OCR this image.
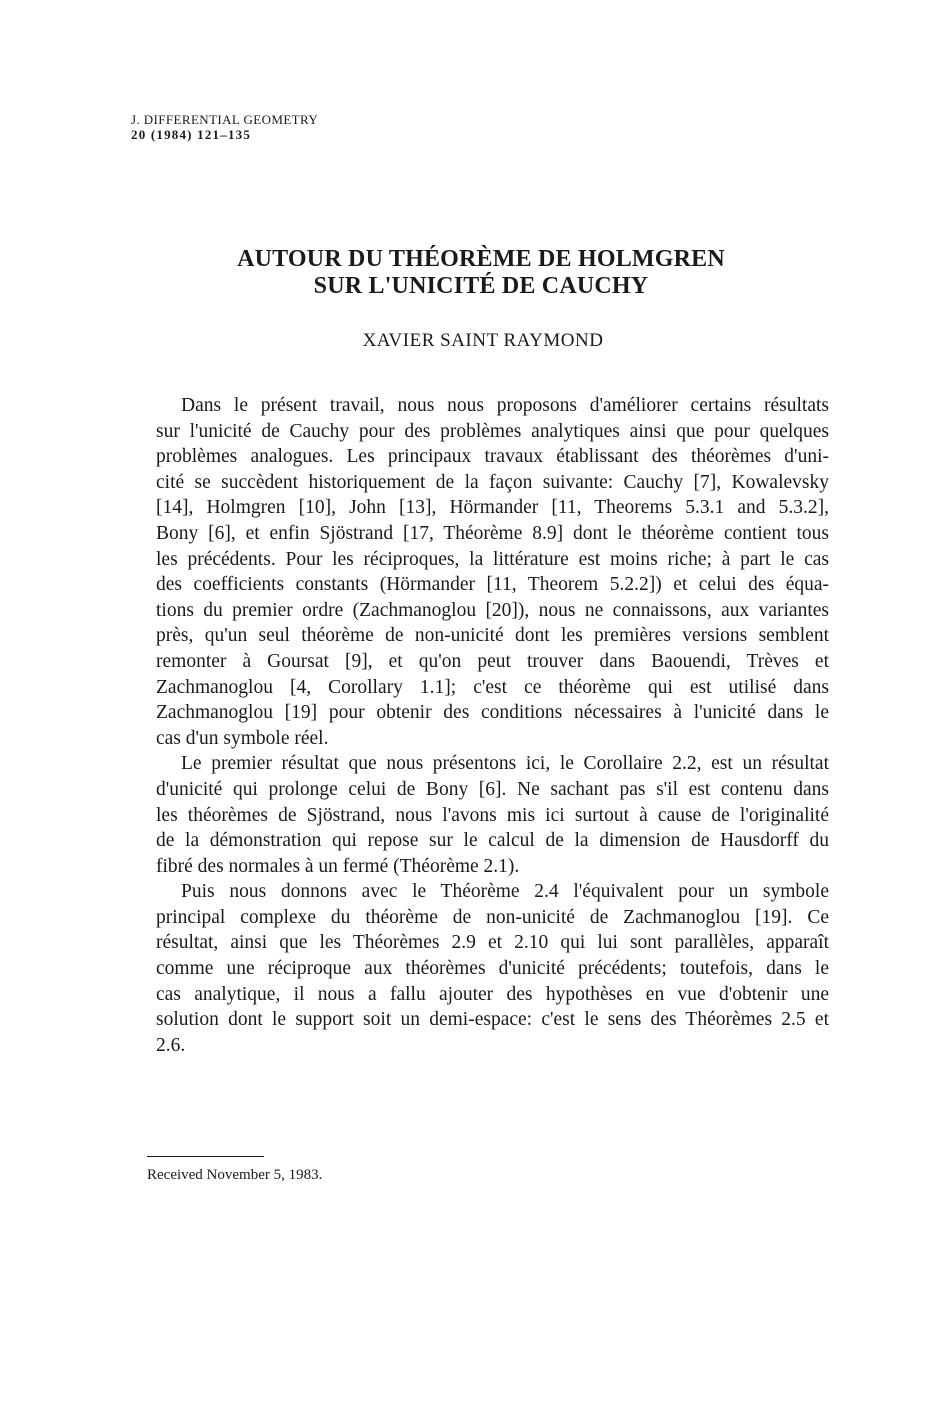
J. DIFFERENTIAL GEOMETRY
20 (1984) 121–135
AUTOUR DU THÉORÈME DE HOLMGREN
SUR L'UNICITÉ DE CAUCHY
XAVIER SAINT RAYMOND

Dans le présent travail, nous nous proposons d'améliorer certains résultats
sur l'unicité de Cauchy pour des problèmes analytiques ainsi que pour quelques
problèmes analogues. Les principaux travaux établissant des théorèmes d'uni-
cité se succèdent historiquement de la façon suivante: Cauchy [7], Kowalevsky
[14], Holmgren [10], John [13], Hörmander [11, Theorems 5.3.1 and 5.3.2],
Bony [6], et enfin Sjöstrand [17, Théorème 8.9] dont le théorème contient tous
les précédents. Pour les réciproques, la littérature est moins riche; à part le cas
des coefficients constants (Hörmander [11, Theorem 5.2.2]) et celui des équa-
tions du premier ordre (Zachmanoglou [20]), nous ne connaissons, aux variantes
près, qu'un seul théorème de non-unicité dont les premières versions semblent
remonter à Goursat [9], et qu'on peut trouver dans Baouendi, Trèves et
Zachmanoglou [4, Corollary 1.1]; c'est ce théorème qui est utilisé dans
Zachmanoglou [19] pour obtenir des conditions nécessaires à l'unicité dans le
cas d'un symbole réel.

Le premier résultat que nous présentons ici, le Corollaire 2.2, est un résultat
d'unicité qui prolonge celui de Bony [6]. Ne sachant pas s'il est contenu dans
les théorèmes de Sjöstrand, nous l'avons mis ici surtout à cause de l'originalité
de la démonstration qui repose sur le calcul de la dimension de Hausdorff du
fibré des normales à un fermé (Théorème 2.1).

Puis nous donnons avec le Théorème 2.4 l'équivalent pour un symbole
principal complexe du théorème de non-unicité de Zachmanoglou [19]. Ce
résultat, ainsi que les Théorèmes 2.9 et 2.10 qui lui sont parallèles, apparaît
comme une réciproque aux théorèmes d'unicité précédents; toutefois, dans le
cas analytique, il nous a fallu ajouter des hypothèses en vue d'obtenir une
solution dont le support soit un demi-espace: c'est le sens des Théorèmes 2.5 et
2.6.

Received November 5, 1983.
